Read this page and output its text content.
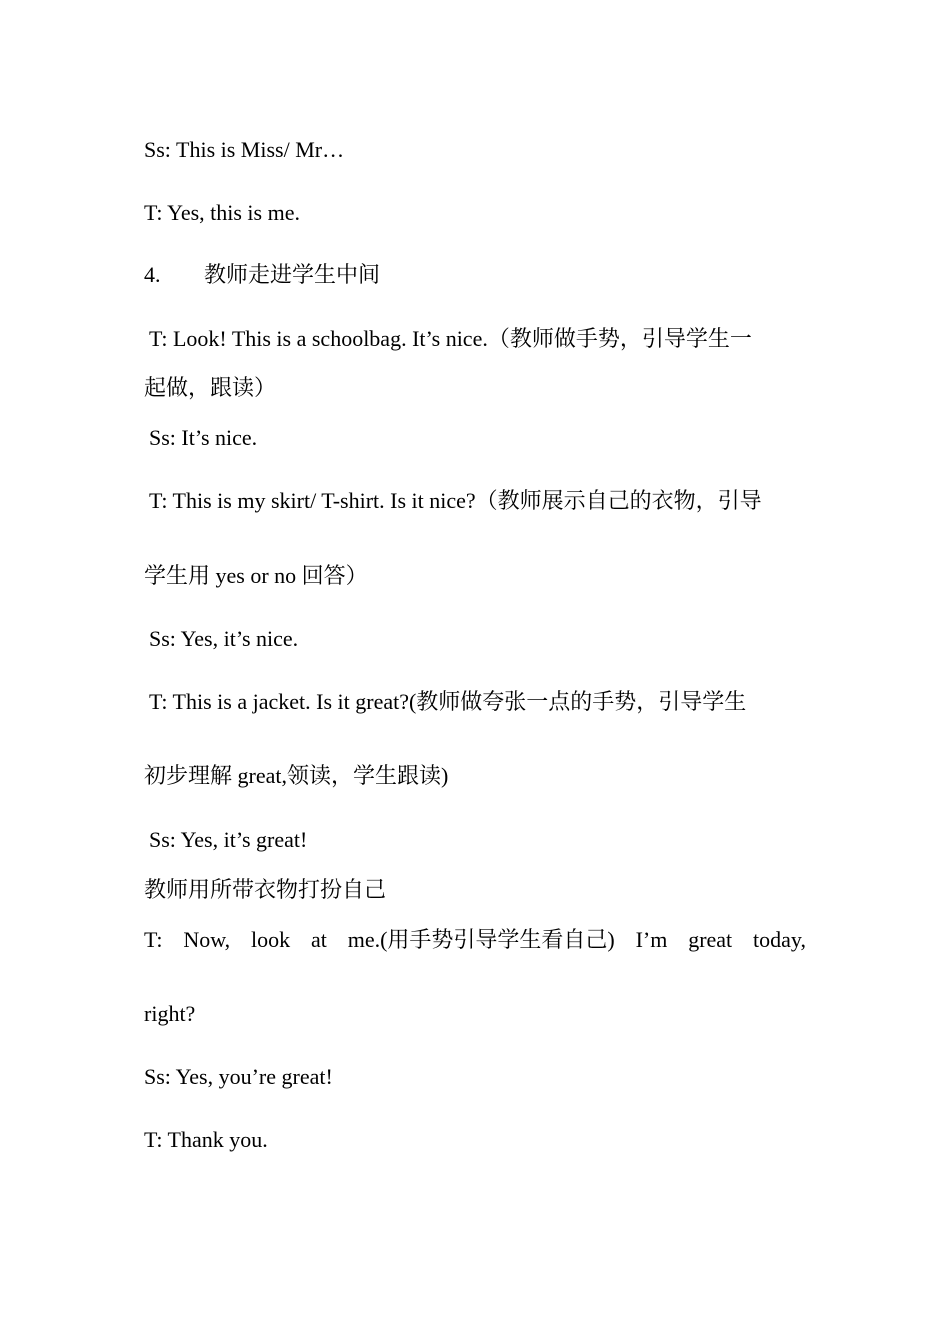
Ss: This is Miss/ Mr…
T: Yes, this is me.
4.	教师走进学生中间
T: Look! This is a schoolbag. It’s nice.（教师做手势，引导学生一
起做，跟读）
Ss: It’s nice.
T: This is my skirt/ T-shirt. Is it nice?（教师展示自己的衣物，引导
学生用 yes or no 回答）
Ss: Yes, it’s nice.
T: This is a jacket. Is it great?(教师做夸张一点的手势，引导学生
初步理解 great,领读，学生跟读)
Ss: Yes, it’s great!
教师用所带衣物打扮自己
T: Now, look at me.(用手势引导学生看自己) I’m great today,
right?
Ss: Yes, you’re great!
T: Thank you.
